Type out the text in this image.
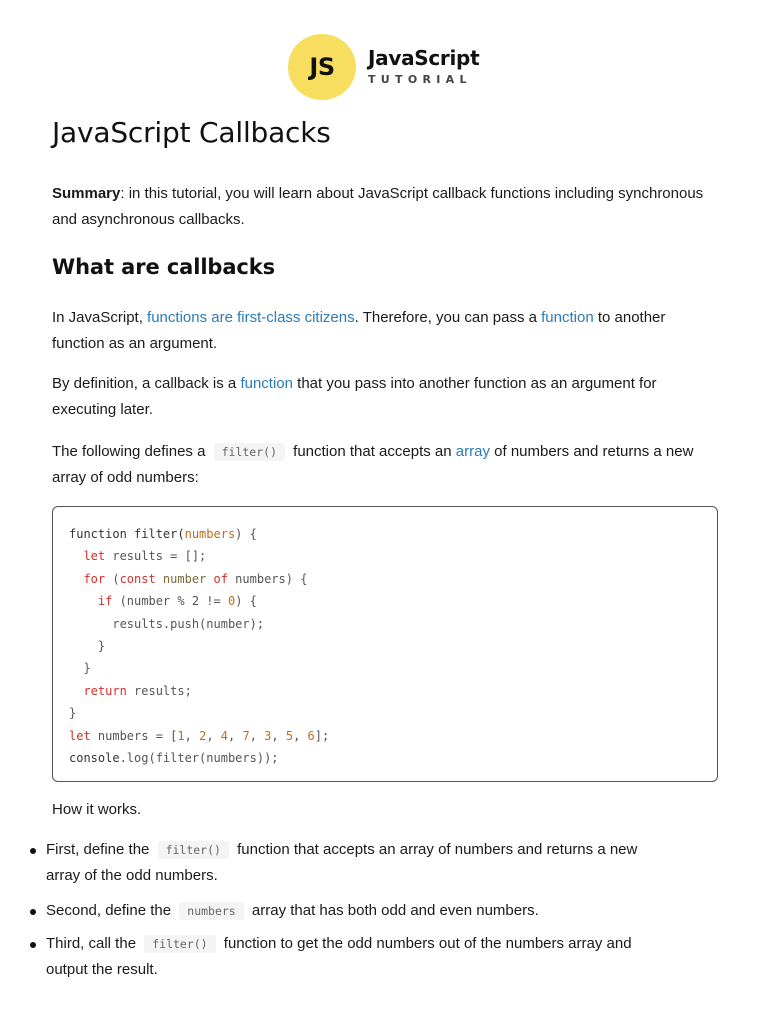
JS	JavaScript
TUTORIAL
JavaScript Callbacks

Summary: in this tutorial, you will learn about JavaScript callback functions including synchronous and asynchronous callbacks.

What are callbacks

In JavaScript, functions are first-class citizens. Therefore, you can pass a function to another function as an argument.

By definition, a callback is a function that you pass into another function as an argument for executing later.

The following defines a filter() function that accepts an array of numbers and returns a new array of odd numbers:

function filter(numbers) {
let results = [];
for (const number of numbers) {
if (number % 2 != 0) {
results.push(number);
}
}
return results;
}
let numbers = [1, 2, 4, 7, 3, 5, 6];
console.log(filter(numbers));

How it works.

First, define the filter() function that accepts an array of numbers and returns a new array of the odd numbers.
Second, define the numbers array that has both odd and even numbers.
Third, call the filter() function to get the odd numbers out of the numbers array and output the result.
